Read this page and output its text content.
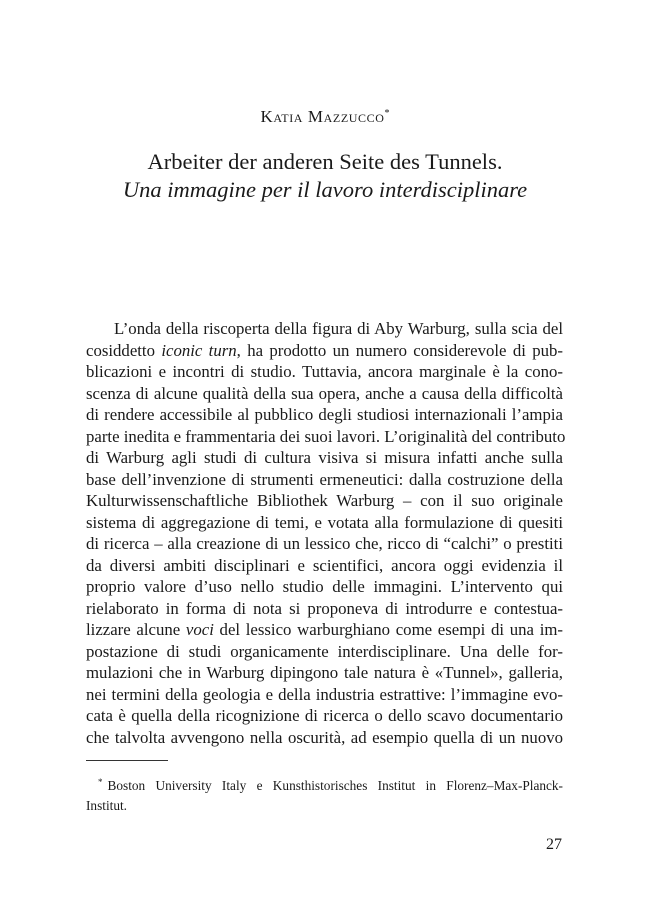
Katia Mazzucco*

Arbeiter der anderen Seite des Tunnels.

Una immagine per il lavoro interdisciplinare

L’onda della riscoperta della figura di Aby Warburg, sulla scia del
cosiddetto iconic turn, ha prodotto un numero considerevole di pub-
blicazioni e incontri di studio. Tuttavia, ancora marginale è la cono-
scenza di alcune qualità della sua opera, anche a causa della difficoltà
di rendere accessibile al pubblico degli studiosi internazionali l’ampia
parte inedita e frammentaria dei suoi lavori. L’originalità del contributo
di Warburg agli studi di cultura visiva si misura infatti anche sulla
base dell’invenzione di strumenti ermeneutici: dalla costruzione della
Kulturwissenschaftliche Bibliothek Warburg – con il suo originale
sistema di aggregazione di temi, e votata alla formulazione di quesiti
di ricerca – alla creazione di un lessico che, ricco di “calchi” o prestiti
da diversi ambiti disciplinari e scientifici, ancora oggi evidenzia il
proprio valore d’uso nello studio delle immagini. L’intervento qui
rielaborato in forma di nota si proponeva di introdurre e contestua-
lizzare alcune voci del lessico warburghiano come esempi di una im-
postazione di studi organicamente interdisciplinare. Una delle for-
mulazioni che in Warburg dipingono tale natura è «Tunnel», galleria,
nei termini della geologia e della industria estrattive: l’immagine evo-
cata è quella della ricognizione di ricerca o dello scavo documentario
che talvolta avvengono nella oscurità, ad esempio quella di un nuovo
* Boston University Italy e Kunsthistorisches Institut in Florenz–Max-Planck-
Institut.
27
